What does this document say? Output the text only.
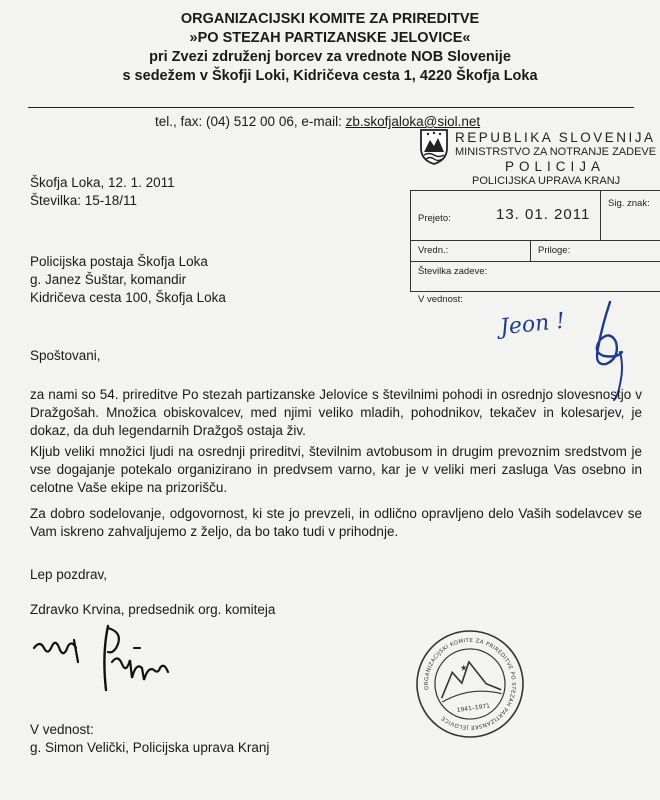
ORGANIZACIJSKI KOMITE ZA PRIREDITVE
»PO STEZAH PARTIZANSKE JELOVICE«
pri Zvezi združenj borcev za vrednote NOB Slovenije
s sedežem v Škofji Loki, Kidričeva cesta 1, 4220 Škofja Loka
tel., fax: (04) 512 00 06, e-mail: zb.skofjaloka@siol.net
REPUBLIKA SLOVENIJA
MINISTRSTVO ZA NOTRANJE ZADEVE
POLICIJA
POLICIJSKA UPRAVA KRANJ
Prejeto:	13. 01. 2011
Sig. znak:
Vredn.:	Priloge:
Številka zadeve:
V vednost:
Jeon !
Škofja Loka, 12. 1. 2011
Številka: 15-18/11
Policijska postaja Škofja Loka
g. Janez Šuštar, komandir
Kidričeva cesta 100, Škofja Loka
Spoštovani,
za nami so 54. prireditve Po stezah partizanske Jelovice s številnimi pohodi in osrednjo slovesnostjo v Dražgošah. Množica obiskovalcev, med njimi veliko mladih, pohodnikov, tekačev in kolesarjev, je dokaz, da duh legendarnih Dražgoš ostaja živ.
Kljub veliki množici ljudi na osrednji prireditvi, številnim avtobusom in drugim prevoznim sredstvom je vse dogajanje potekalo organizirano in predvsem varno, kar je v veliki meri zasluga Vas osebno in celotne Vaše ekipe na prizorišču.
Za dobro sodelovanje, odgovornost, ki ste jo prevzeli, in odlično opravljeno delo Vaših sodelavcev se Vam iskreno zahvaljujemo z željo, da bo tako tudi v prihodnje.
Lep pozdrav,
Zdravko Krvina, predsednik org. komiteja
ORGANIZACIJSKI KOMITE ZA PRIREDITVE PO STEZAH PARTIZANSKE JELOVICE
1941–1971
V vednost:
g. Simon Velički, Policijska uprava Kranj
